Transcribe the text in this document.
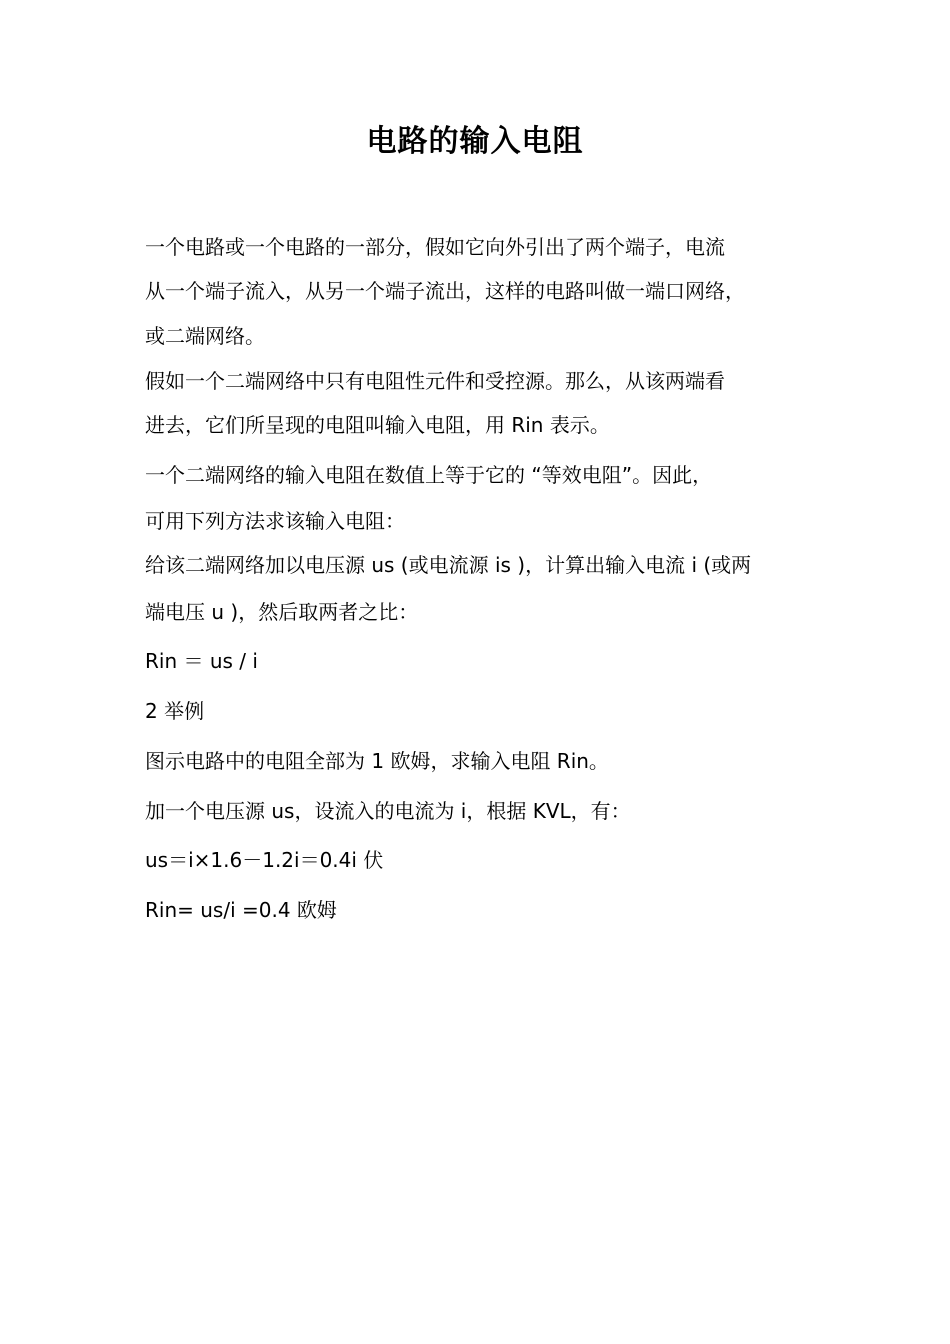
电路的输入电阻
一个电路或一个电路的一部分，假如它向外引出了两个端子，电流
从一个端子流入，从另一个端子流出，这样的电路叫做一端口网络，
或二端网络。
假如一个二端网络中只有电阻性元件和受控源。那么，从该两端看
进去，它们所呈现的电阻叫输入电阻，用 Rin 表示。
一个二端网络的输入电阻在数值上等于它的 “等效电阻”。因此，
可用下列方法求该输入电阻：
给该二端网络加以电压源 us (或电流源 is )，计算出输入电流 i (或两
端电压 u )，然后取两者之比：
Rin ＝ us / i
2 举例
图示电路中的电阻全部为 1 欧姆，求输入电阻 Rin。
加一个电压源 us，设流入的电流为 i，根据 KVL，有：
us＝i×1.6－1.2i＝0.4i 伏
Rin= us/i =0.4 欧姆
